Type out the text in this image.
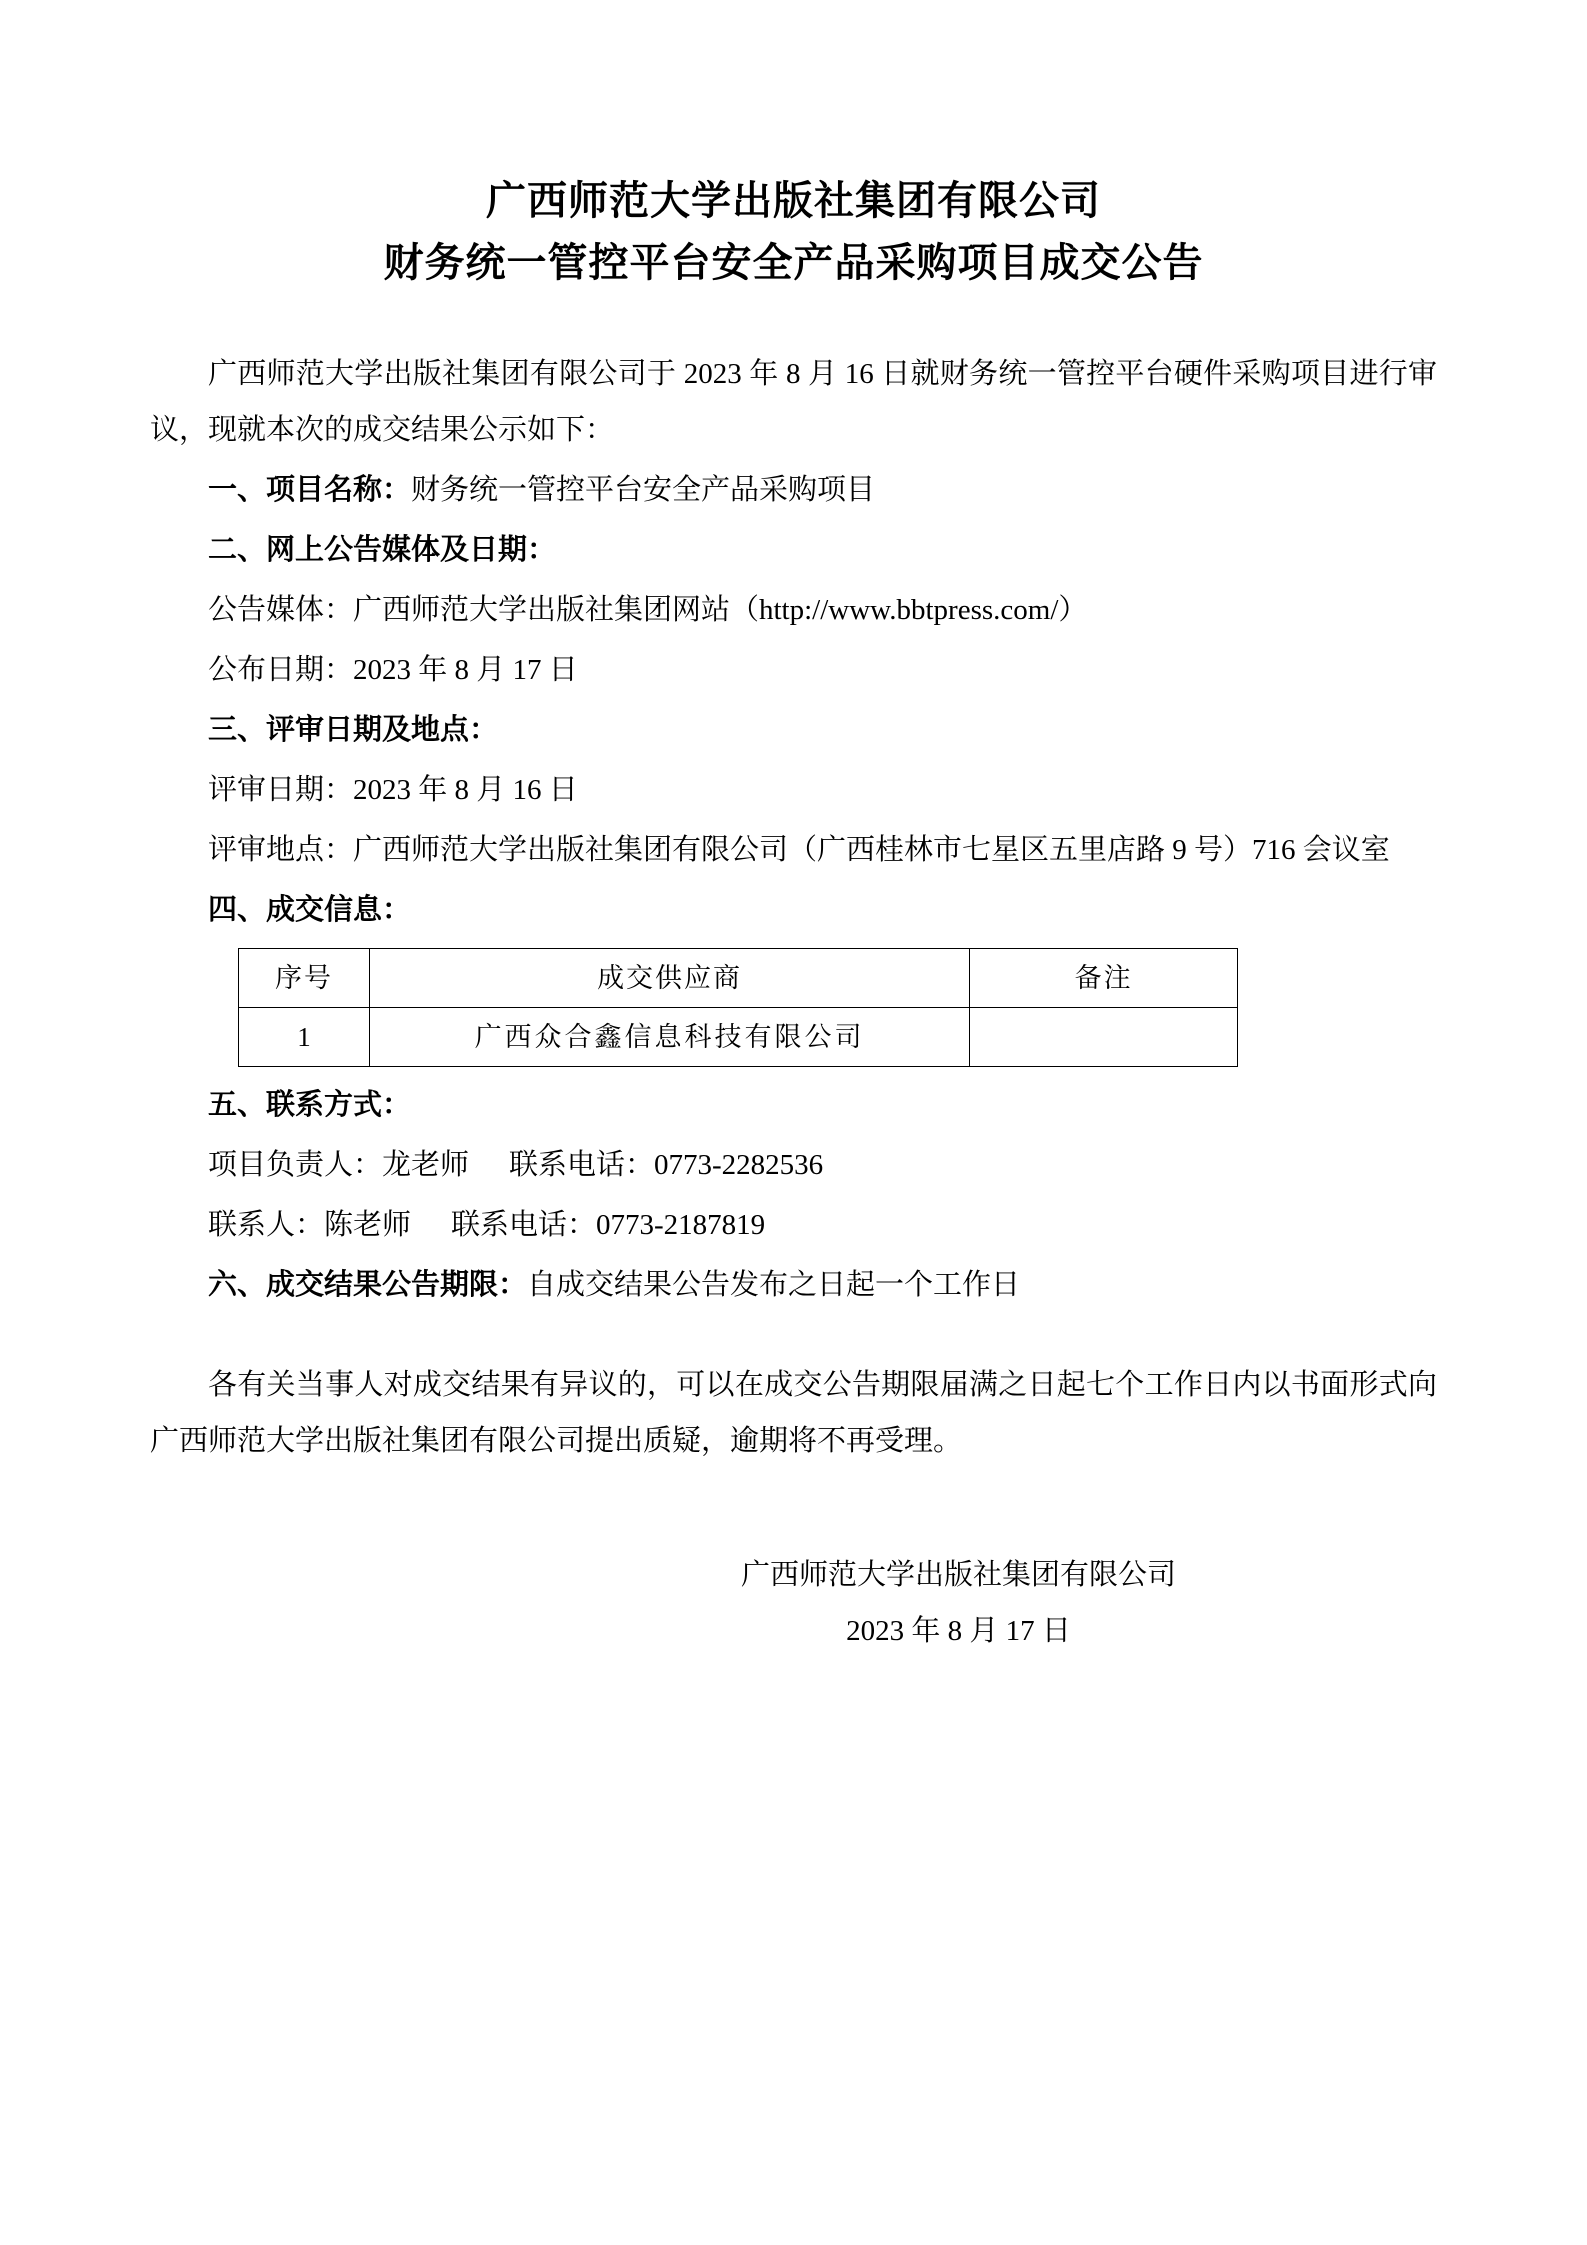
广西师范大学出版社集团有限公司
财务统一管控平台安全产品采购项目成交公告

广西师范大学出版社集团有限公司于 2023 年 8 月 16 日就财务统一管控平台硬件采购项目进行审议，现就本次的成交结果公示如下：

一、项目名称：财务统一管控平台安全产品采购项目

二、网上公告媒体及日期：

公告媒体：广西师范大学出版社集团网站（http://www.bbtpress.com/）

公布日期：2023 年 8 月 17 日

三、评审日期及地点：

评审日期：2023 年 8 月 16 日

评审地点：广西师范大学出版社集团有限公司（广西桂林市七星区五里店路 9 号）716 会议室

四、成交信息：

序号	成交供应商	备注
1	广西众合鑫信息科技有限公司	

五、联系方式：

项目负责人：龙老师 联系电话：0773-2282536

联系人：陈老师 联系电话：0773-2187819

六、成交结果公告期限：自成交结果公告发布之日起一个工作日

各有关当事人对成交结果有异议的，可以在成交公告期限届满之日起七个工作日内以书面形式向广西师范大学出版社集团有限公司提出质疑，逾期将不再受理。

广西师范大学出版社集团有限公司
2023 年 8 月 17 日
